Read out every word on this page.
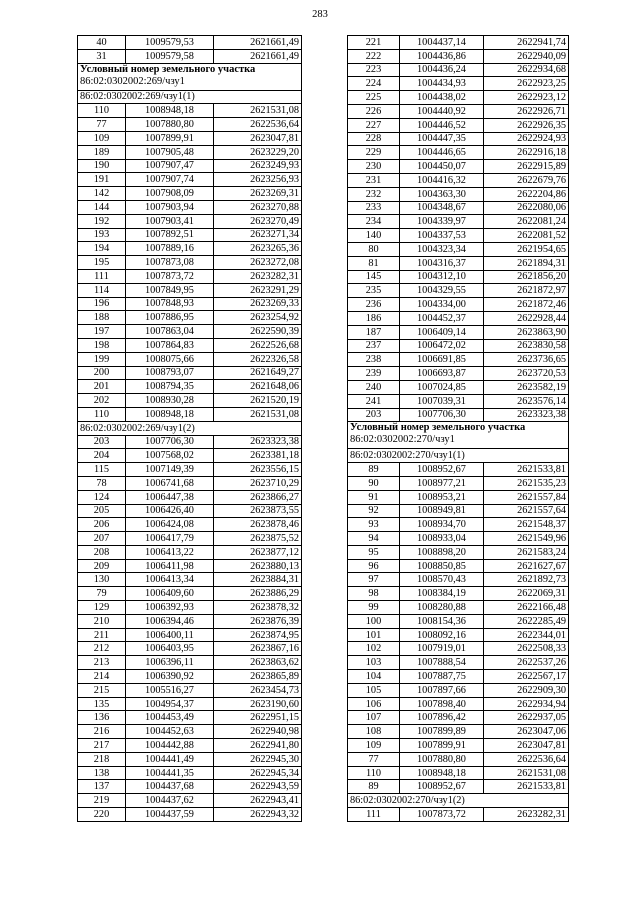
283
40	1009579,53	2621661,49
31	1009579,58	2621661,49

Условный номер земельного участка
86:02:0302002:269/чзу1		

86:02:0302002:269/чзу1(1)		
110	1008948,18	2621531,08
77	1007880,80	2622536,64
109	1007899,91	2623047,81
189	1007905,48	2623229,20
190	1007907,47	2623249,93
191	1007907,74	2623256,93
142	1007908,09	2623269,31
144	1007903,94	2623270,88
192	1007903,41	2623270,49
193	1007892,51	2623271,34
194	1007889,16	2623265,36
195	1007873,08	2623272,08
111	1007873,72	2623282,31
114	1007849,95	2623291,29
196	1007848,93	2623269,33
188	1007886,95	2623254,92
197	1007863,04	2622590,39
198	1007864,83	2622526,68
199	1008075,66	2622326,58
200	1008793,07	2621649,27
201	1008794,35	2621648,06
202	1008930,28	2621520,19
110	1008948,18	2621531,08
86:02:0302002:269/чзу1(2)		
203	1007706,30	2623323,38
204	1007568,02	2623381,18
115	1007149,39	2623556,15
78	1006741,68	2623710,29
124	1006447,38	2623866,27
205	1006426,40	2623873,55
206	1006424,08	2623878,46
207	1006417,79	2623875,52
208	1006413,22	2623877,12
209	1006411,98	2623880,13
130	1006413,34	2623884,31
79	1006409,60	2623886,29
129	1006392,93	2623878,32
210	1006394,46	2623876,39
211	1006400,11	2623874,95
212	1006403,95	2623867,16
213	1006396,11	2623863,62
214	1006390,92	2623865,89
215	1005516,27	2623454,73
135	1004954,37	2623190,60
136	1004453,49	2622951,15
216	1004452,63	2622940,98
217	1004442,88	2622941,80
218	1004441,49	2622945,30
138	1004441,35	2622945,34
137	1004437,68	2622943,59
219	1004437,62	2622943,41
220	1004437,59	2622943,32
221	1004437,14	2622941,74
222	1004436,86	2622940,09
223	1004436,24	2622934,68
224	1004434,93	2622923,25
225	1004438,02	2622923,12
226	1004440,92	2622926,71
227	1004446,52	2622926,35
228	1004447,35	2622924,93
229	1004446,65	2622916,18
230	1004450,07	2622915,89
231	1004416,32	2622679,76
232	1004363,30	2622204,86
233	1004348,67	2622080,06
234	1004339,97	2622081,24
140	1004337,53	2622081,52
80	1004323,34	2621954,65
81	1004316,37	2621894,31
145	1004312,10	2621856,20
235	1004329,55	2621872,97
236	1004334,00	2621872,46
186	1004452,37	2622928,44
187	1006409,14	2623863,90
237	1006472,02	2623830,58
238	1006691,85	2623736,65
239	1006693,87	2623720,53
240	1007024,85	2623582,19
241	1007039,31	2623576,14
203	1007706,30	2623323,38

Условный номер земельного участка
86:02:0302002:270/чзу1		

86:02:0302002:270/чзу1(1)		
89	1008952,67	2621533,81
90	1008977,21	2621535,23
91	1008953,21	2621557,84
92	1008949,81	2621557,64
93	1008934,70	2621548,37
94	1008933,04	2621549,96
95	1008898,20	2621583,24
96	1008850,85	2621627,67
97	1008570,43	2621892,73
98	1008384,19	2622069,31
99	1008280,88	2622166,48
100	1008154,36	2622285,49
101	1008092,16	2622344,01
102	1007919,01	2622508,33
103	1007888,54	2622537,26
104	1007887,75	2622567,17
105	1007897,66	2622909,30
106	1007898,40	2622934,94
107	1007896,42	2622937,05
108	1007899,89	2623047,06
109	1007899,91	2623047,81
77	1007880,80	2622536,64
110	1008948,18	2621531,08
89	1008952,67	2621533,81
86:02:0302002:270/чзу1(2)		
111	1007873,72	2623282,31
